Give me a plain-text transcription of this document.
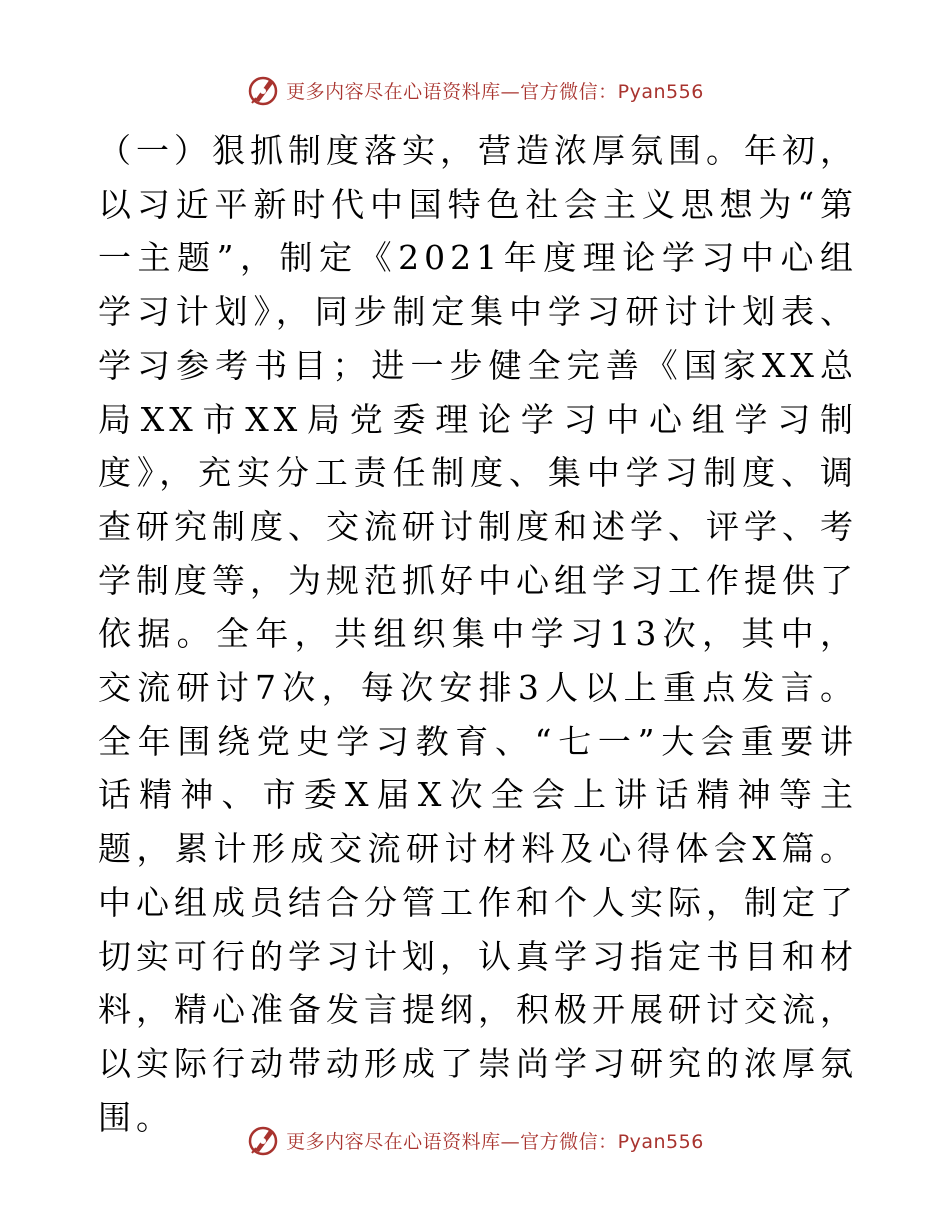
更多内容尽在心语资料库—官方微信：Pyan556

（一）狠抓制度落实，营造浓厚氛围。年初，以习近平新时代中国特色社会主义思想为“第一主题”，制定《2021年度理论学习中心组学习计划》，同步制定集中学习研讨计划表、学习参考书目；进一步健全完善《国家XX总局XX市XX局党委理论学习中心组学习制度》，充实分工责任制度、集中学习制度、调查研究制度、交流研讨制度和述学、评学、考学制度等，为规范抓好中心组学习工作提供了依据。全年，共组织集中学习13次，其中，交流研讨7次，每次安排3人以上重点发言。全年围绕党史学习教育、“七一”大会重要讲话精神、市委X届X次全会上讲话精神等主题，累计形成交流研讨材料及心得体会X篇。中心组成员结合分管工作和个人实际，制定了切实可行的学习计划，认真学习指定书目和材料，精心准备发言提纲，积极开展研讨交流，以实际行动带动形成了崇尚学习研究的浓厚氛围。

更多内容尽在心语资料库—官方微信：Pyan556
